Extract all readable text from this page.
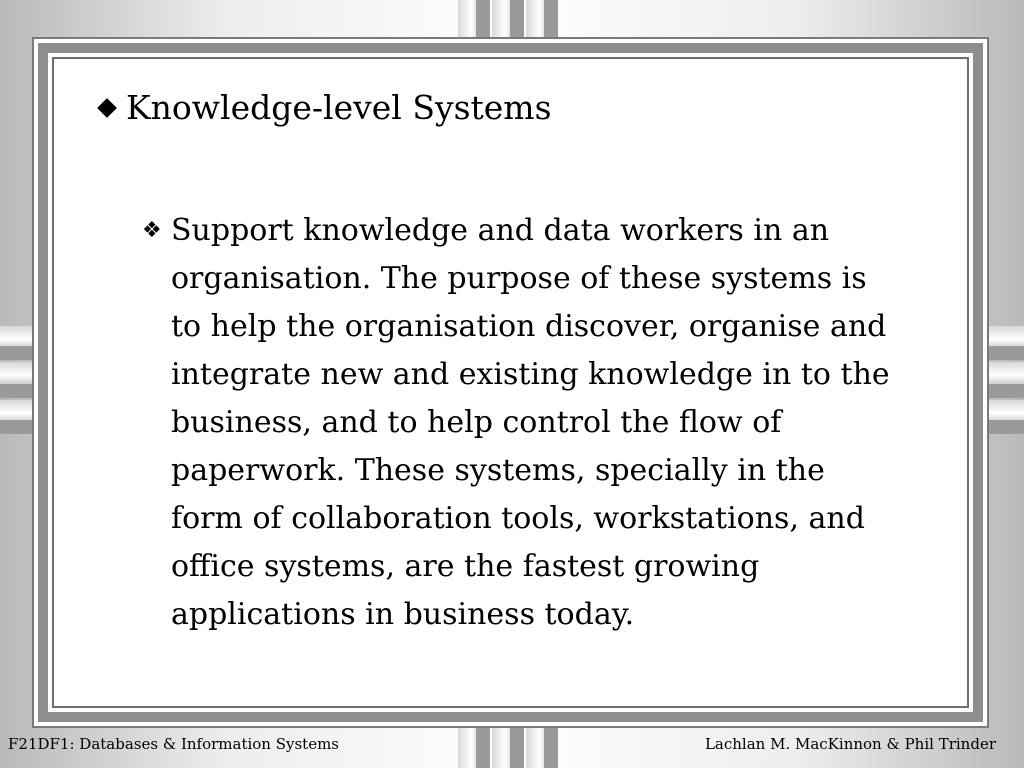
Knowledge-level Systems
❖ Support knowledge and data workers in an
organisation. The purpose of these systems is
to help the organisation discover, organise and
integrate new and existing knowledge in to the
business, and to help control the flow of
paperwork. These systems, specially in the
form of collaboration tools, workstations, and
office systems, are the fastest growing
applications in business today.
F21DF1: Databases & Information Systems	Lachlan M. MacKinnon & Phil Trinder
